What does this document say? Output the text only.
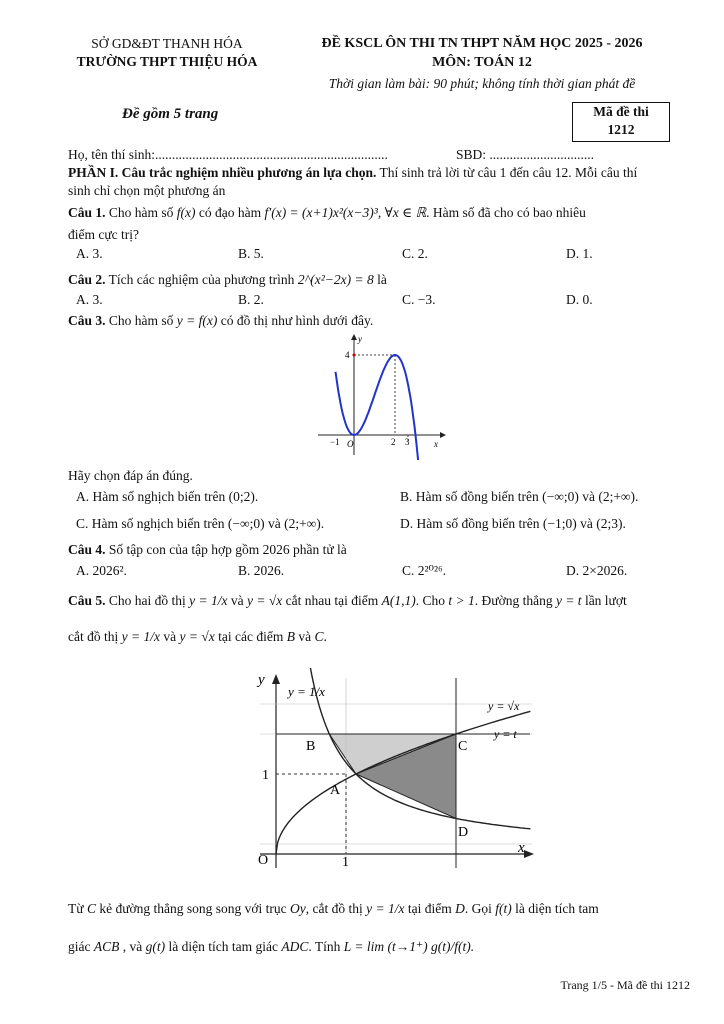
SỞ GD&ĐT THANH HÓA
TRƯỜNG THPT THIỆU HÓA
ĐỀ KSCL ÔN THI TN THPT NĂM HỌC 2025 - 2026
MÔN: TOÁN 12
Thời gian làm bài: 90 phút; không tính thời gian phát đề
Đề gồm 5 trang	Mã đề thi
1212
Họ, tên thí sinh:.....................................................................	SBD: ...............................
PHẦN I. Câu trắc nghiệm nhiều phương án lựa chọn. Thí sinh trả lời từ câu 1 đến câu 12. Mỗi câu thí
sinh chỉ chọn một phương án
Câu 1. Cho hàm số f(x) có đạo hàm f′(x) = (x+1)x²(x−3)³, ∀x ∈ ℝ. Hàm số đã cho có bao nhiêu
điểm cực trị?
A. 3.	B. 5.	C. 2.	D. 1.
Câu 2. Tích các nghiệm của phương trình 2^(x²−2x) = 8 là
A. 3.	B. 2.	C. −3.	D. 0.
Câu 3. Cho hàm số y = f(x) có đồ thị như hình dưới đây.
y
x
4
−1 O	2 3
Hãy chọn đáp án đúng.
A. Hàm số nghịch biến trên (0;2).	B. Hàm số đồng biến trên (−∞;0) và (2;+∞).
C. Hàm số nghịch biến trên (−∞;0) và (2;+∞).	D. Hàm số đồng biến trên (−1;0) và (2;3).
Câu 4. Số tập con của tập hợp gồm 2026 phần tử là
A. 2026².	B. 2026.	C. 2²⁰²⁶.	D. 2×2026.
Câu 5. Cho hai đồ thị y = 1/x và y = √x cắt nhau tại điểm A(1,1). Cho t > 1. Đường thẳng y = t lần lượt
cắt đồ thị y = 1/x và y = √x tại các điểm B và C.
y
x
O	1
1
B	C
A
D
y = 1/x
y = √x
y = t
Từ C kẻ đường thẳng song song với trục Oy, cắt đồ thị y = 1/x tại điểm D. Gọi f(t) là diện tích tam
giác ACB , và g(t) là diện tích tam giác ADC. Tính L = lim (t→1⁺) g(t)/f(t).
Trang 1/5 - Mã đề thi 1212
